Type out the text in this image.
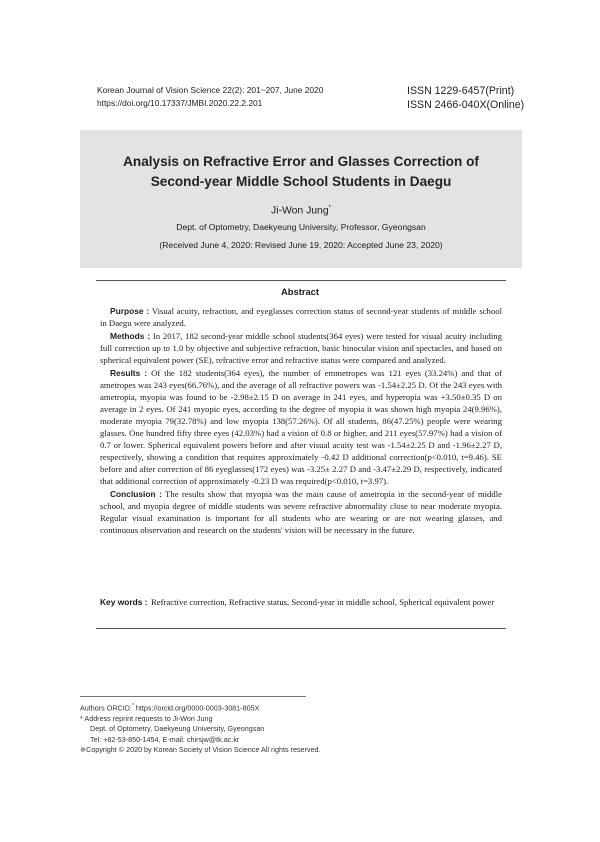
Korean Journal of Vision Science 22(2): 201~207, June 2020
https://doi.org/10.17337/JMBI.2020.22.2.201
ISSN 1229-6457(Print)
ISSN 2466-040X(Online)
Analysis on Refractive Error and Glasses Correction of
Second-year Middle School Students in Daegu
Ji-Won Jung*
Dept. of Optometry, Daekyeung University, Professor, Gyeongsan
(Received June 4, 2020: Revised June 19, 2020: Accepted June 23, 2020)
Abstract

Purpose : Visual acuity, refraction, and eyeglasses correction status of second-year students of middle school in Daegu were analyzed.

Methods : In 2017, 182 second-year middle school students(364 eyes) were tested for visual acuity including full correction up to 1.0 by objective and subjective refraction, basic binocular vision and spectacles, and based on spherical equivalent power (SE), refractive error and refractive status were compared and analyzed.

Results : Of the 182 students(364 eyes), the number of emmetropes was 121 eyes (33.24%) and that of ametropes was 243 eyes(66.76%), and the average of all refractive powers was -1.54±2.25 D. Of the 243 eyes with ametropia, myopia was found to be -2.98±2.15 D on average in 241 eyes, and hyperopia was +3.50±0.35 D on average in 2 eyes. Of 241 myopic eyes, according to the degree of myopia it was shown high myopia 24(9.96%), moderate myopia 79(32.78%) and low myopia 138(57.26%). Of all students, 86(47.25%) people were wearing glasses. One hundred fifty three eyes (42.03%) had a vision of 0.8 or higher, and 211 eyes(57.97%) had a vision of 0.7 or lower. Spherical equivalent powers before and after visual acuity test was -1.54±2.25 D and -1.96±2.27 D, respectively, showing a condition that requires approximately -0.42 D additional correction(p<0.010, t=9.46). SE before and after correction of 86 eyeglasses(172 eyes) was -3.25± 2.27 D and -3.47±2.29 D, respectively, indicated that additional correction of approximately -0.23 D was required(p<0.010, t=3.97).

Conclusion : The results show that myopia was the main cause of ametropia in the second-year of middle school, and myopia degree of middle students was severe refractive abnormality close to near moderate myopia. Regular visual examination is important for all students who are wearing or are not wearing glasses, and continuous observation and research on the students' vision will be necessary in the future.

Key words : Refractive correction, Refractive status, Second-year in middle school, Spherical equivalent power
Authors ORCID:* https://orcid.org/0000-0003-3081-805X
* Address reprint requests to Ji-Won Jung
Dept. of Optometry, Daekyeung University, Gyeongsan
Tel: +82-53-850-1454, E-mail: chirsjw@tk.ac.kr
※Copyright © 2020 by Korean Society of Vision Science All rights reserved.
